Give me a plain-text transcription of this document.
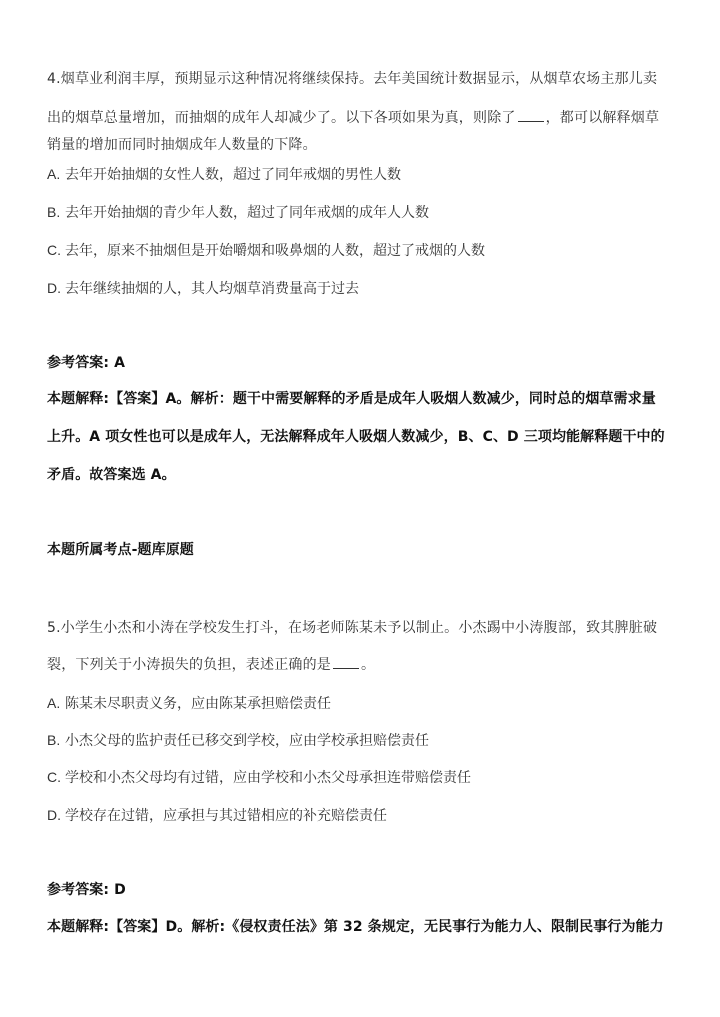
4.烟草业利润丰厚，预期显示这种情况将继续保持。去年美国统计数据显示，从烟草农场主那儿卖
出的烟草总量增加，而抽烟的成年人却减少了。以下各项如果为真，则除了 ，都可以解释烟草
销量的增加而同时抽烟成年人数量的下降。
A. 去年开始抽烟的女性人数，超过了同年戒烟的男性人数
B. 去年开始抽烟的青少年人数，超过了同年戒烟的成年人人数
C. 去年，原来不抽烟但是开始嚼烟和吸鼻烟的人数，超过了戒烟的人数
D. 去年继续抽烟的人，其人均烟草消费量高于过去
参考答案: A
本题解释:【答案】A。解析：题干中需要解释的矛盾是成年人吸烟人数减少，同时总的烟草需求量
上升。A 项女性也可以是成年人，无法解释成年人吸烟人数减少，B、C、D 三项均能解释题干中的
矛盾。故答案选 A。
本题所属考点-题库原题
5.小学生小杰和小涛在学校发生打斗，在场老师陈某未予以制止。小杰踢中小涛腹部，致其脾脏破
裂，下列关于小涛损失的负担，表述正确的是 。
A. 陈某未尽职责义务，应由陈某承担赔偿责任
B. 小杰父母的监护责任已移交到学校，应由学校承担赔偿责任
C. 学校和小杰父母均有过错，应由学校和小杰父母承担连带赔偿责任
D. 学校存在过错，应承担与其过错相应的补充赔偿责任
参考答案: D
本题解释:【答案】D。解析:《侵权责任法》第 32 条规定，无民事行为能力人、限制民事行为能力
